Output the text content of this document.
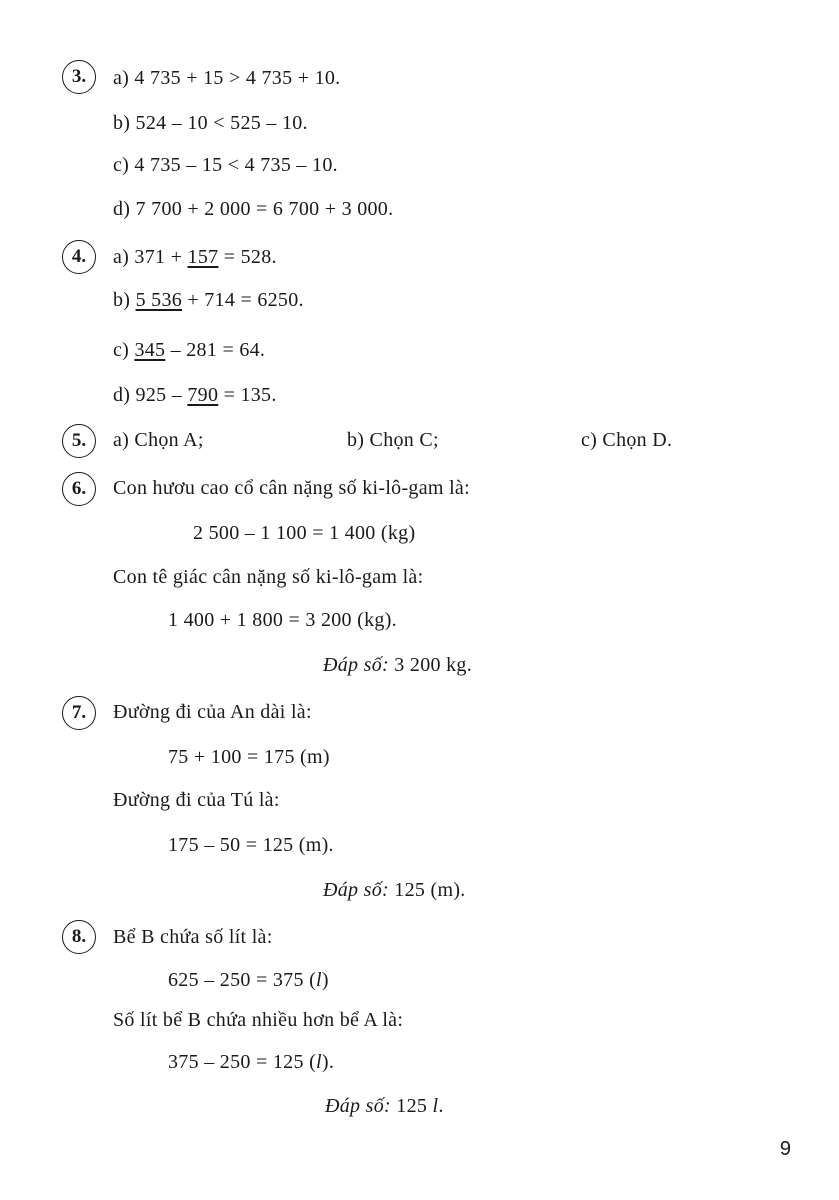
3.	a) 4 735 + 15 > 4 735 + 10.
b) 524 – 10 < 525 – 10.
c) 4 735 – 15 < 4 735 – 10.
d) 7 700 + 2 000 = 6 700 + 3 000.
4.	a) 371 + 157 = 528.
b) 5 536 + 714 = 6250.
c) 345 – 281 = 64.
d) 925 – 790 = 135.
5.	a) Chọn A;	b) Chọn C;	c) Chọn D.
6.	Con hươu cao cổ cân nặng số ki-lô-gam là:
2 500 – 1 100 = 1 400 (kg)
Con tê giác cân nặng số ki-lô-gam là:
1 400 + 1 800 = 3 200 (kg).
Đáp số: 3 200 kg.
7.	Đường đi của An dài là:
75 + 100 = 175 (m)
Đường đi của Tú là:
175 – 50 = 125 (m).
Đáp số: 125 (m).
8.	Bể B chứa số lít là:
625 – 250 = 375 (l)
Số lít bể B chứa nhiều hơn bể A là:
375 – 250 = 125 (l).
Đáp số: 125 l.
9
